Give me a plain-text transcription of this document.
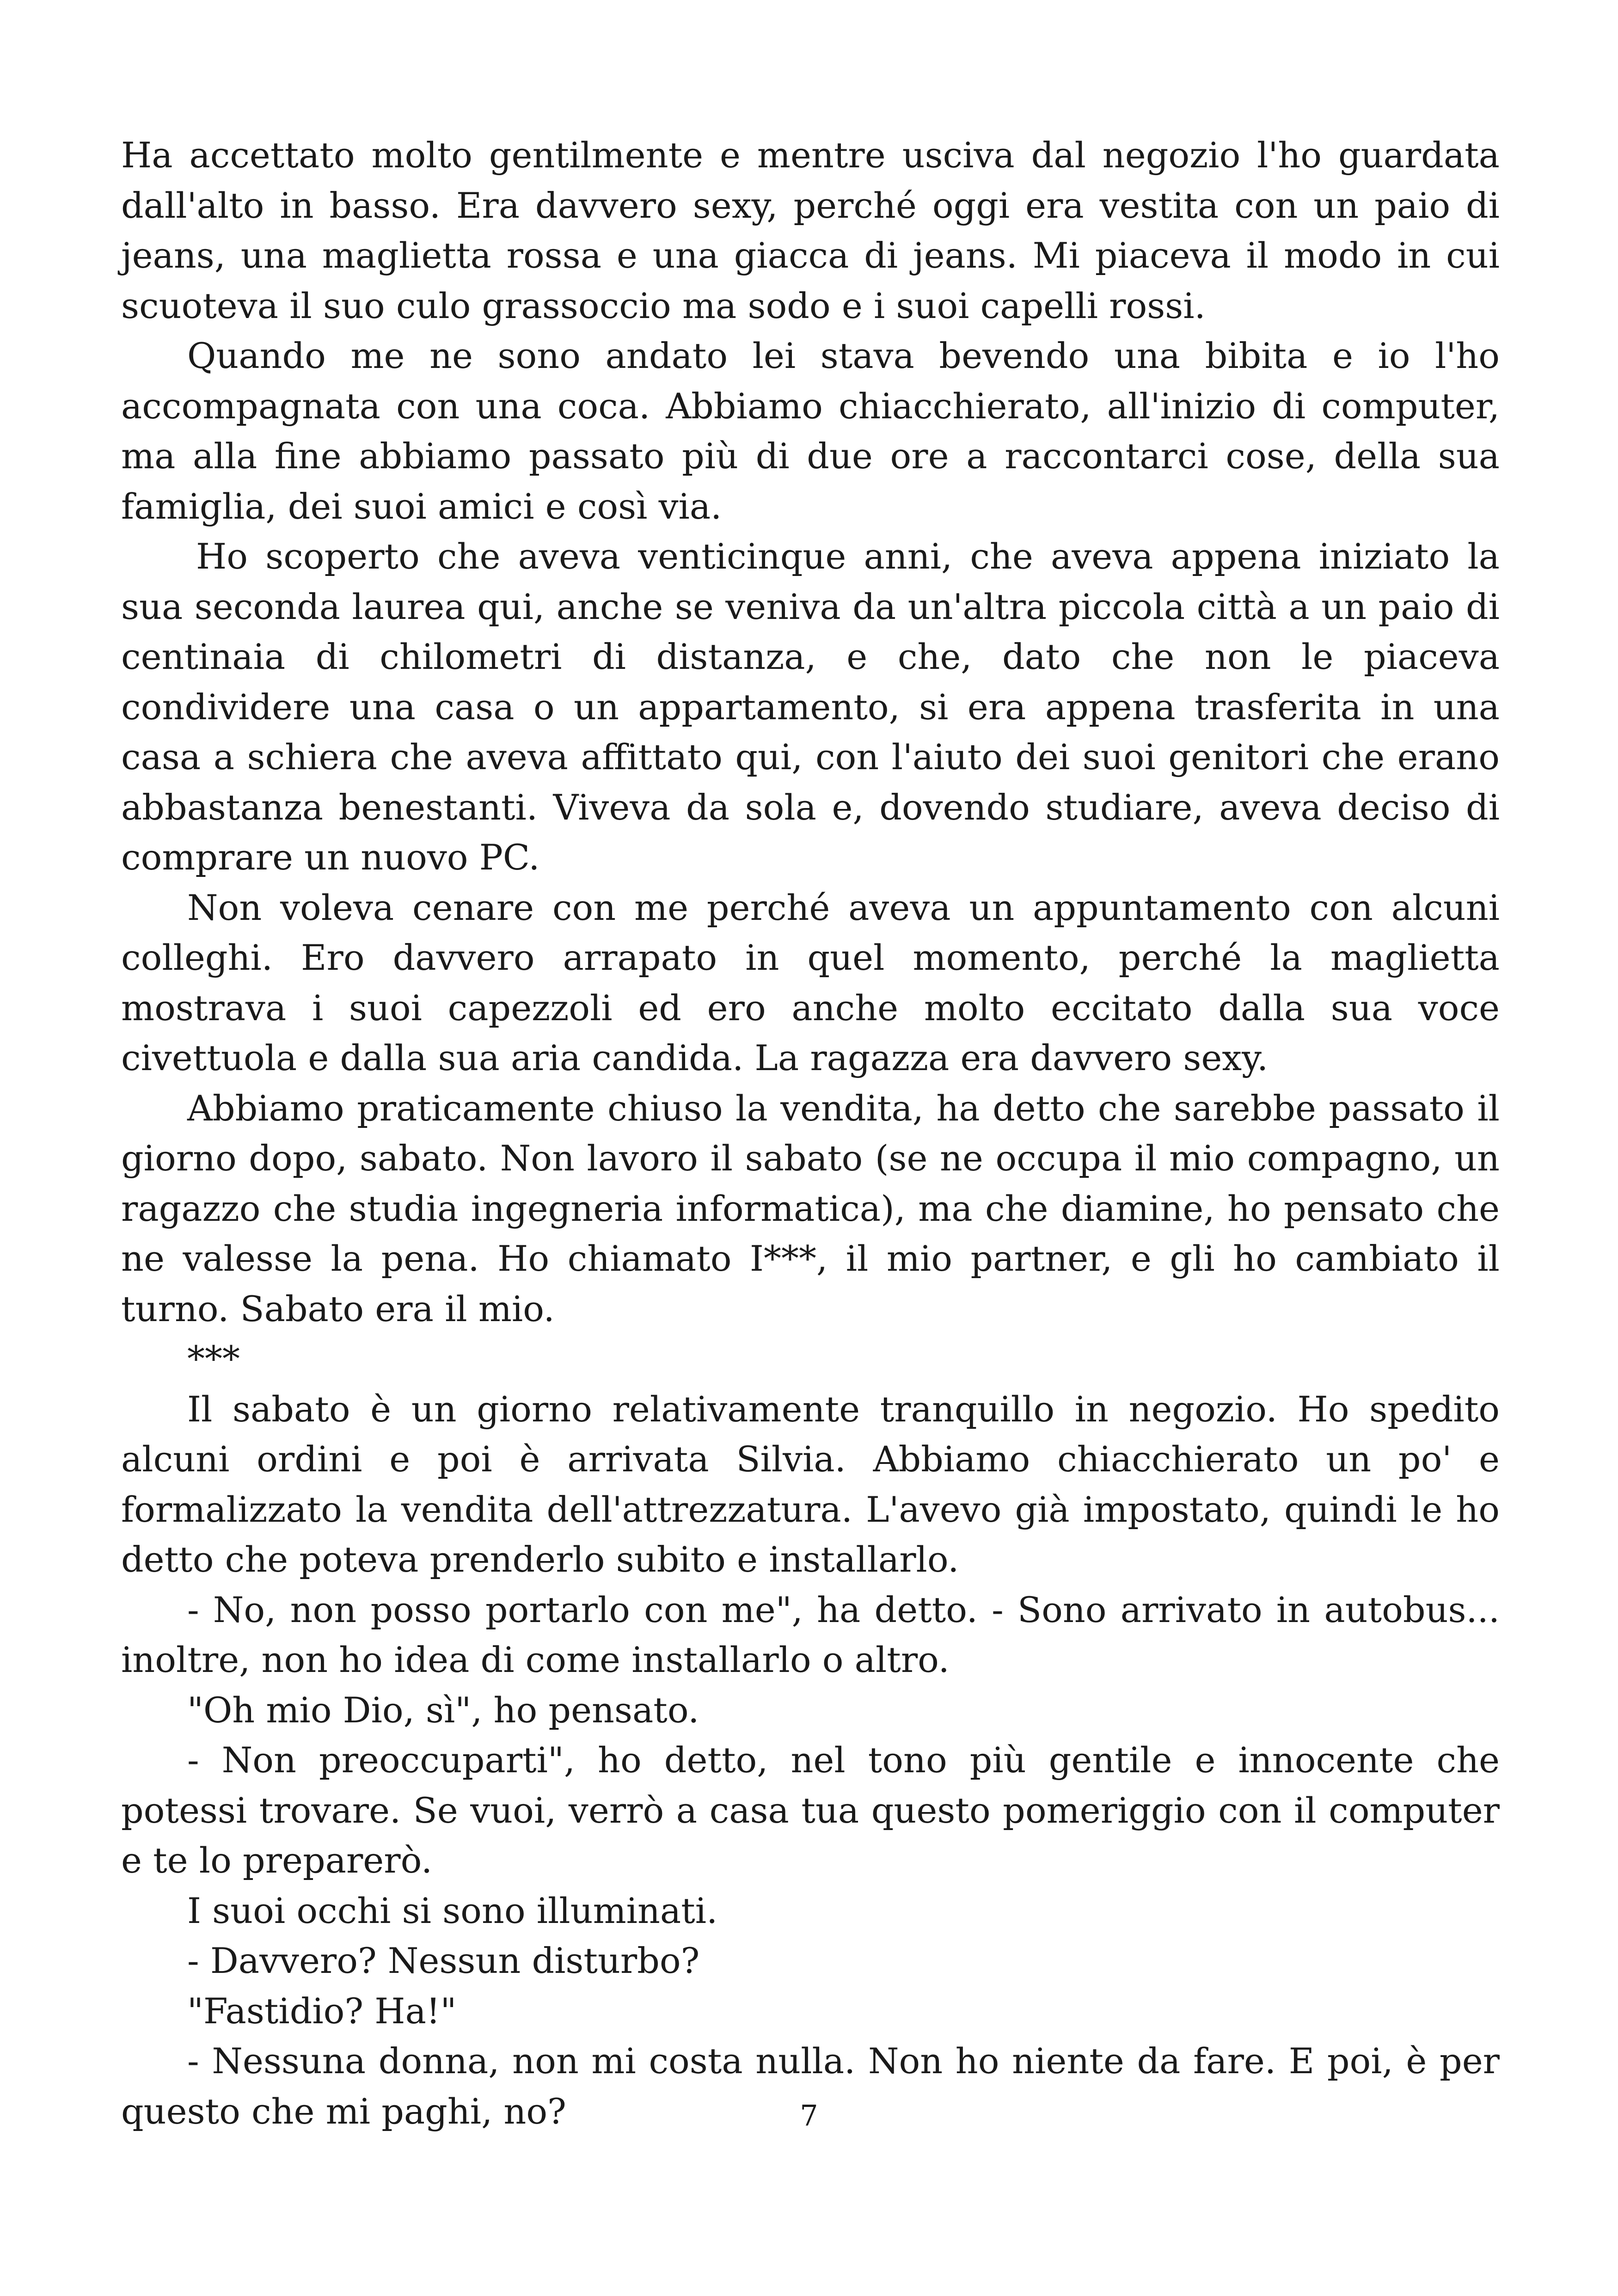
Ha accettato molto gentilmente e mentre usciva dal negozio l'ho guardata dall'alto in basso. Era davvero sexy, perché oggi era vestita con un paio di jeans, una maglietta rossa e una giacca di jeans. Mi piaceva il modo in cui scuoteva il suo culo grassoccio ma sodo e i suoi capelli rossi.

Quando me ne sono andato lei stava bevendo una bibita e io l'ho accompagnata con una coca. Abbiamo chiacchierato, all'inizio di computer, ma alla fine abbiamo passato più di due ore a raccontarci cose, della sua famiglia, dei suoi amici e così via.

Ho scoperto che aveva venticinque anni, che aveva appena iniziato la sua seconda laurea qui, anche se veniva da un'altra piccola città a un paio di centinaia di chilometri di distanza, e che, dato che non le piaceva condividere una casa o un appartamento, si era appena trasferita in una casa a schiera che aveva affittato qui, con l'aiuto dei suoi genitori che erano abbastanza benestanti. Viveva da sola e, dovendo studiare, aveva deciso di comprare un nuovo PC.

Non voleva cenare con me perché aveva un appuntamento con alcuni colleghi. Ero davvero arrapato in quel momento, perché la maglietta mostrava i suoi capezzoli ed ero anche molto eccitato dalla sua voce civettuola e dalla sua aria candida. La ragazza era davvero sexy.

Abbiamo praticamente chiuso la vendita, ha detto che sarebbe passato il giorno dopo, sabato. Non lavoro il sabato (se ne occupa il mio compagno, un ragazzo che studia ingegneria informatica), ma che diamine, ho pensato che ne valesse la pena. Ho chiamato I***, il mio partner, e gli ho cambiato il turno. Sabato era il mio.

***

Il sabato è un giorno relativamente tranquillo in negozio. Ho spedito alcuni ordini e poi è arrivata Silvia. Abbiamo chiacchierato un po' e formalizzato la vendita dell'attrezzatura. L'avevo già impostato, quindi le ho detto che poteva prenderlo subito e installarlo.

- No, non posso portarlo con me", ha detto. - Sono arrivato in autobus... inoltre, non ho idea di come installarlo o altro.

"Oh mio Dio, sì", ho pensato.

- Non preoccuparti", ho detto, nel tono più gentile e innocente che potessi trovare. Se vuoi, verrò a casa tua questo pomeriggio con il computer e te lo preparerò.

I suoi occhi si sono illuminati.

- Davvero? Nessun disturbo?

"Fastidio? Ha!"

- Nessuna donna, non mi costa nulla. Non ho niente da fare. E poi, è per questo che mi paghi, no?	7
